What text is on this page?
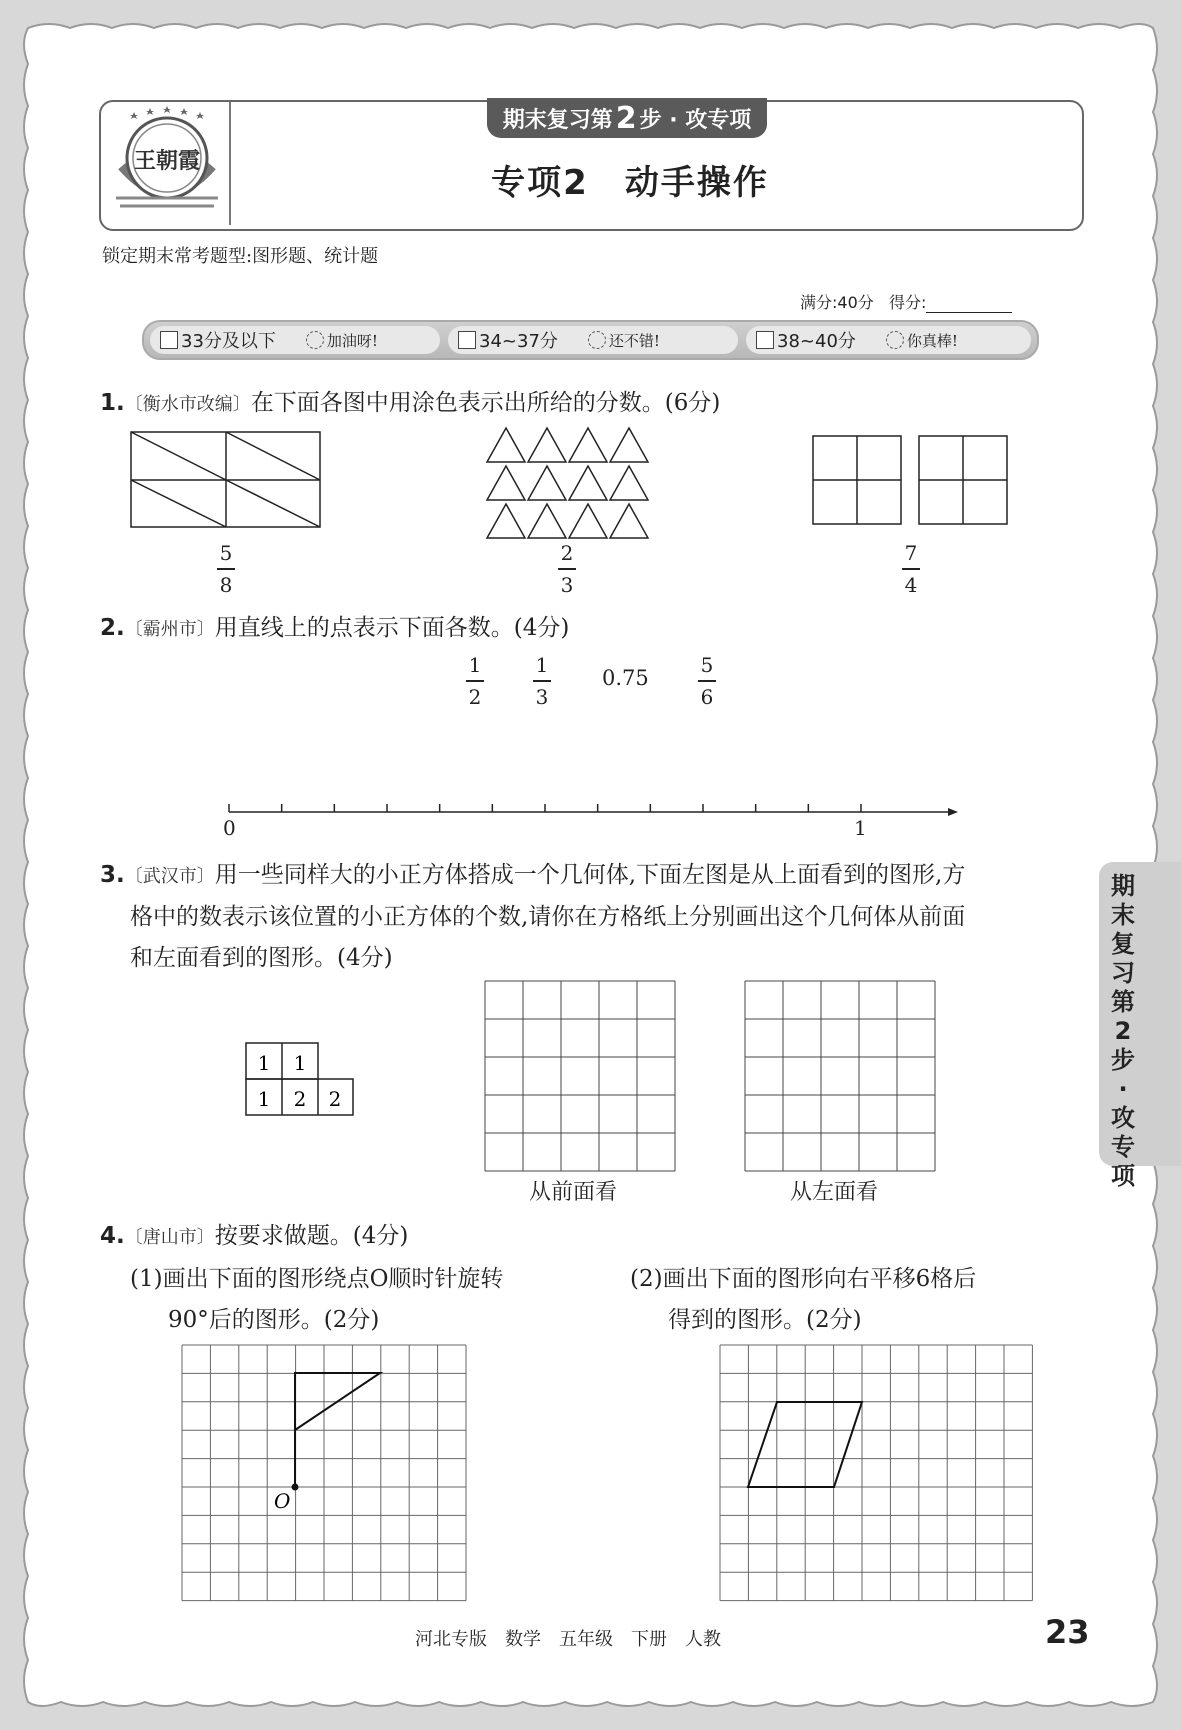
王朝霞
期末复习第 2 步 · 攻专项
专项2　动手操作
锁定期末常考题型:图形题、统计题
满分:40分 得分:
33分及以下	加油呀!	34~37分	还不错!	38~40分	你真棒!
1.〔衡水市改编〕在下面各图中用涂色表示出所给的分数。(6分)
5
8
2
3
7
4
2.〔霸州市〕用直线上的点表示下面各数。(4分)
1
2
1
3
0.75
5
6
0	1
3.〔武汉市〕用一些同样大的小正方体搭成一个几何体,下面左图是从上面看到的图形,方
格中的数表示该位置的小正方体的个数,请你在方格纸上分别画出这个几何体从前面
和左面看到的图形。(4分)
1 1
1 2 2
从前面看	从左面看
4.〔唐山市〕按要求做题。(4分)
(1)画出下面的图形绕点O顺时针旋转
90°后的图形。(2分)
(2)画出下面的图形向右平移6格后
得到的图形。(2分)
O
期
末
复
习
第
2
步
·
攻
专
项
河北专版　数学　五年级　下册　人教	23
